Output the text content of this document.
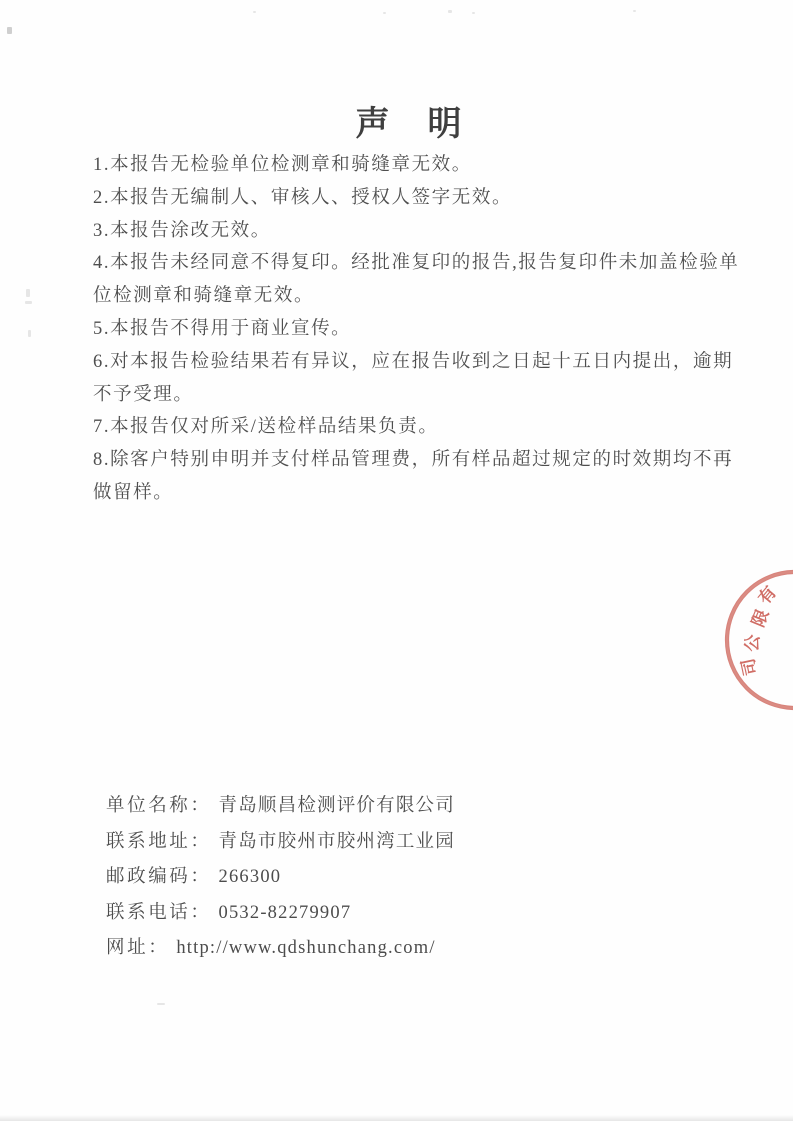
声　明
1.本报告无检验单位检测章和骑缝章无效。
2.本报告无编制人、审核人、授权人签字无效。
3.本报告涂改无效。
4.本报告未经同意不得复印。经批准复印的报告,报告复印件未加盖检验单
位检测章和骑缝章无效。
5.本报告不得用于商业宣传。
6.对本报告检验结果若有异议，应在报告收到之日起十五日内提出，逾期
不予受理。
7.本报告仅对所采/送检样品结果负责。
8.除客户特别申明并支付样品管理费，所有样品超过规定的时效期均不再
做留样。
有
限
公
司
单位名称： 青岛顺昌检测评价有限公司
联系地址： 青岛市胶州市胶州湾工业园
邮政编码： 266300
联系电话： 0532-82279907
网址： http://www.qdshunchang.com/
